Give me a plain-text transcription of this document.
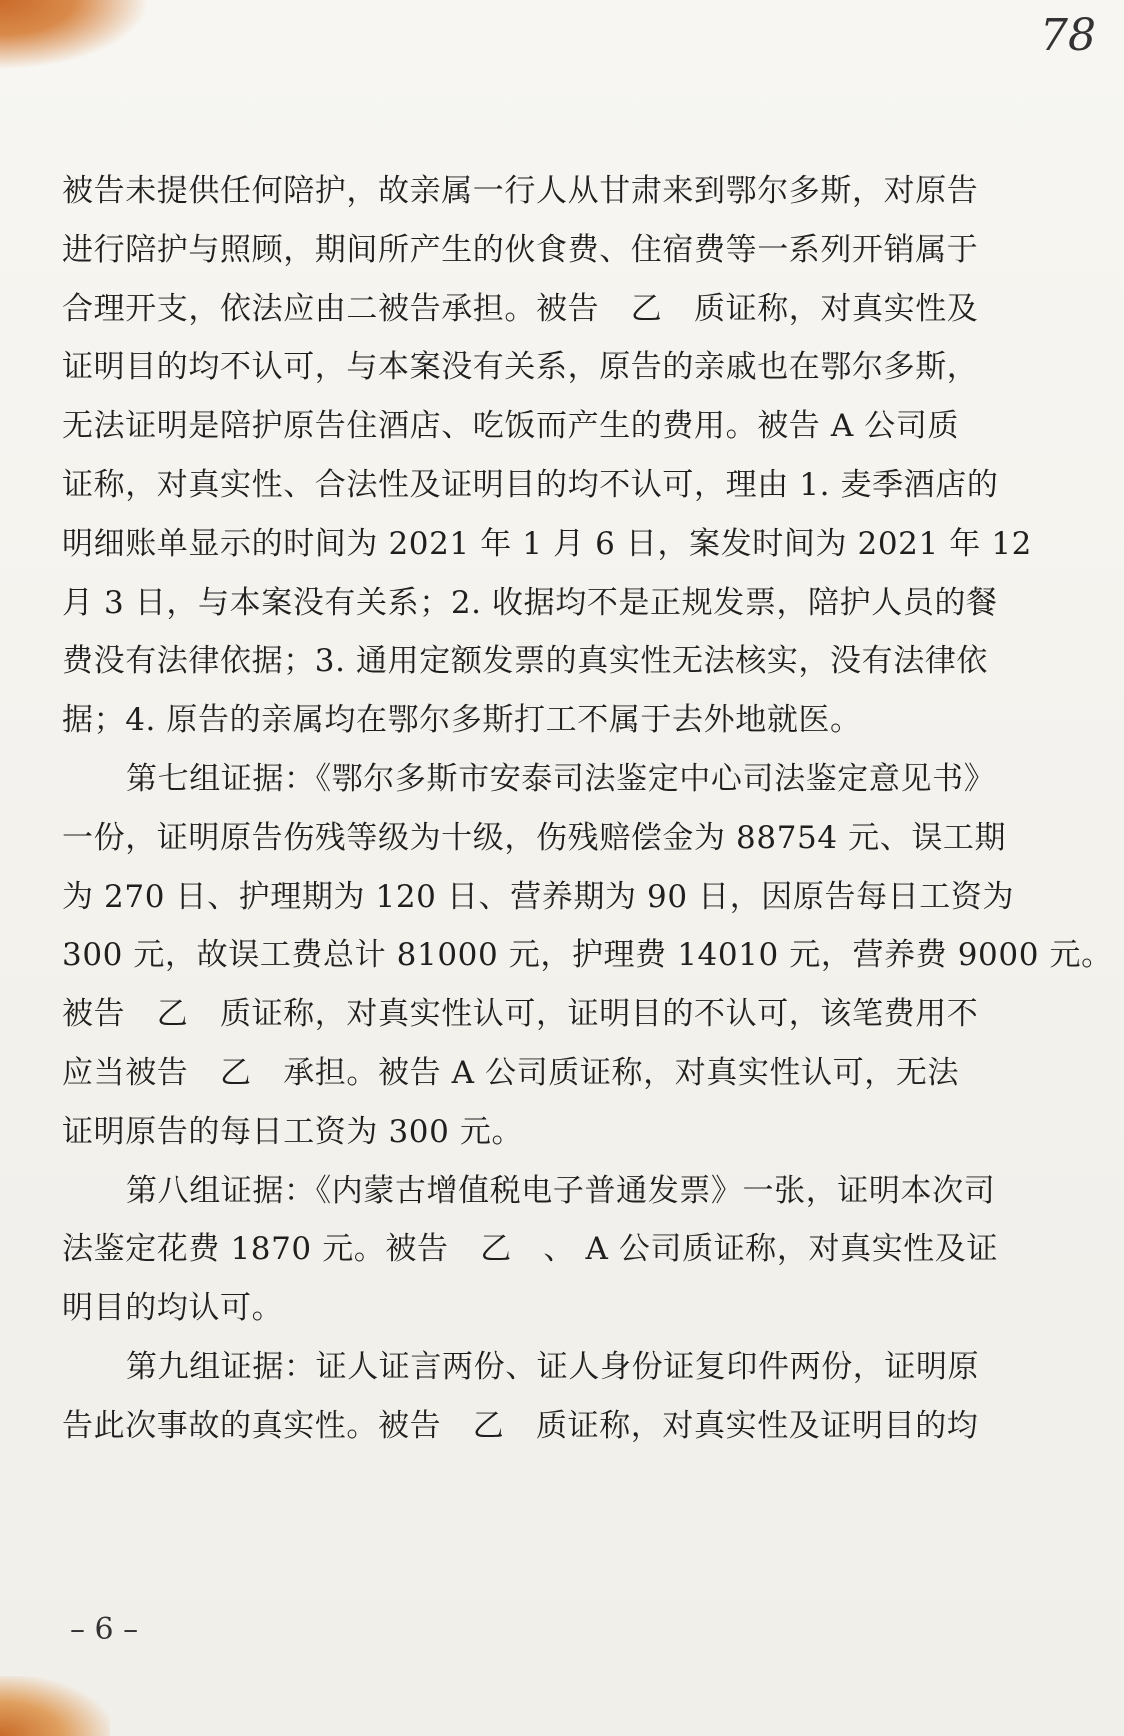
78
被告未提供任何陪护，故亲属一行人从甘肃来到鄂尔多斯，对原告
进行陪护与照顾，期间所产生的伙食费、住宿费等一系列开销属于
合理开支，依法应由二被告承担。被告　乙　质证称，对真实性及
证明目的均不认可，与本案没有关系，原告的亲戚也在鄂尔多斯，
无法证明是陪护原告住酒店、吃饭而产生的费用。被告 A 公司质
证称，对真实性、合法性及证明目的均不认可，理由 1. 麦季酒店的
明细账单显示的时间为 2021 年 1 月 6 日，案发时间为 2021 年 12
月 3 日，与本案没有关系；2. 收据均不是正规发票，陪护人员的餐
费没有法律依据；3. 通用定额发票的真实性无法核实，没有法律依
据；4. 原告的亲属均在鄂尔多斯打工不属于去外地就医。
第七组证据：《鄂尔多斯市安泰司法鉴定中心司法鉴定意见书》
一份，证明原告伤残等级为十级，伤残赔偿金为 88754 元、误工期
为 270 日、护理期为 120 日、营养期为 90 日，因原告每日工资为
300 元，故误工费总计 81000 元，护理费 14010 元，营养费 9000 元。
被告　乙　质证称，对真实性认可，证明目的不认可，该笔费用不
应当被告　乙　承担。被告 A 公司质证称，对真实性认可，无法
证明原告的每日工资为 300 元。
第八组证据：《内蒙古增值税电子普通发票》一张，证明本次司
法鉴定花费 1870 元。被告　乙　、 A 公司质证称，对真实性及证
明目的均认可。
第九组证据：证人证言两份、证人身份证复印件两份，证明原
告此次事故的真实性。被告　乙　质证称，对真实性及证明目的均
– 6 –
